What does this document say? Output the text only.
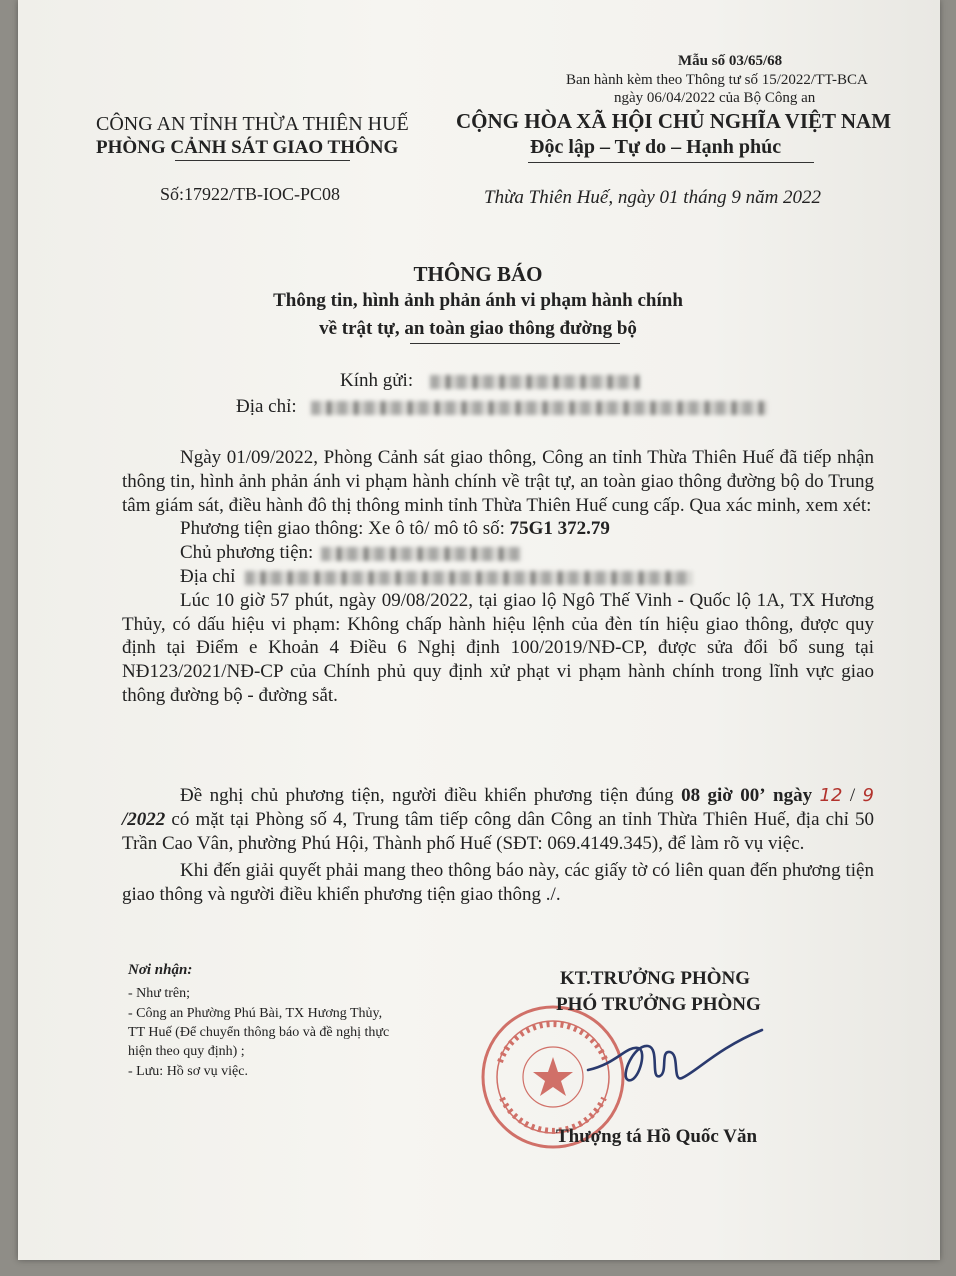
Mẫu số 03/65/68
Ban hành kèm theo Thông tư số 15/2022/TT-BCA
ngày 06/04/2022 của Bộ Công an
CÔNG AN TỈNH THỪA THIÊN HUẾ
PHÒNG CẢNH SÁT GIAO THÔNG
CỘNG HÒA XÃ HỘI CHỦ NGHĨA VIỆT NAM
Độc lập – Tự do – Hạnh phúc
Số:17922/TB-IOC-PC08	Thừa Thiên Huế, ngày 01 tháng 9 năm 2022
THÔNG BÁO
Thông tin, hình ảnh phản ánh vi phạm hành chính
về trật tự, an toàn giao thông đường bộ
Kính gửi:
Địa chỉ:

Ngày 01/09/2022, Phòng Cảnh sát giao thông, Công an tỉnh Thừa Thiên Huế đã tiếp nhận thông tin, hình ảnh phản ánh vi phạm hành chính về trật tự, an toàn giao thông đường bộ do Trung tâm giám sát, điều hành đô thị thông minh tỉnh Thừa Thiên Huế cung cấp. Qua xác minh, xem xét:

Phương tiện giao thông: Xe ô tô/ mô tô số: 75G1 372.79

Chủ phương tiện:

Địa chỉ

Lúc 10 giờ 57 phút, ngày 09/08/2022, tại giao lộ Ngô Thế Vinh - Quốc lộ 1A, TX Hương Thủy, có dấu hiệu vi phạm: Không chấp hành hiệu lệnh của đèn tín hiệu giao thông, được quy định tại Điểm e Khoản 4 Điều 6 Nghị định 100/2019/NĐ-CP, được sửa đổi bổ sung tại NĐ123/2021/NĐ-CP của Chính phủ quy định xử phạt vi phạm hành chính trong lĩnh vực giao thông đường bộ - đường sắt.

Đề nghị chủ phương tiện, người điều khiển phương tiện đúng 08 giờ 00’ ngày 12 / 9 /2022 có mặt tại Phòng số 4, Trung tâm tiếp công dân Công an tỉnh Thừa Thiên Huế, địa chỉ 50 Trần Cao Vân, phường Phú Hội, Thành phố Huế (SĐT: 069.4149.345), để làm rõ vụ việc.

Khi đến giải quyết phải mang theo thông báo này, các giấy tờ có liên quan đến phương tiện giao thông và người điều khiển phương tiện giao thông ./.

Nơi nhận:
- Như trên;
- Công an Phường Phú Bài, TX Hương Thủy,
TT Huế (Để chuyển thông báo và đề nghị thực
hiện theo quy định) ;
- Lưu: Hồ sơ vụ việc.
KT.TRƯỞNG PHÒNG
PHÓ TRƯỞNG PHÒNG
Thượng tá Hồ Quốc Văn
